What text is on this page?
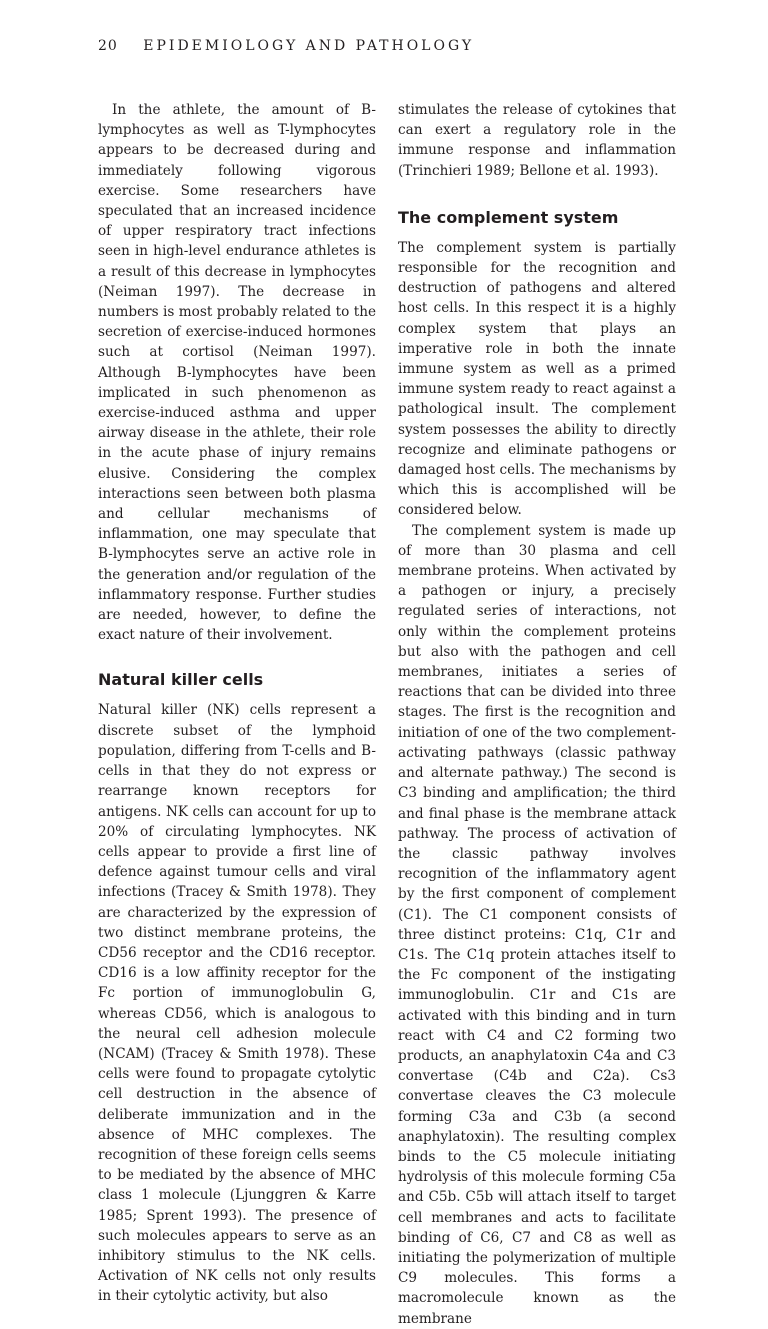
20 EPIDEMIOLOGY AND PATHOLOGY

In the athlete, the amount of B-lymphocytes as well as T-lymphocytes appears to be decreased during and immediately following vigorous exercise. Some researchers have speculated that an increased incidence of upper respiratory tract infections seen in high-level endurance athletes is a result of this decrease in lymphocytes (Neiman 1997). The decrease in numbers is most probably related to the secretion of exercise-induced hormones such at cortisol (Neiman 1997). Although B-lymphocytes have been implicated in such phenomenon as exercise-induced asthma and upper airway disease in the athlete, their role in the acute phase of injury remains elusive. Considering the complex interactions seen between both plasma and cellular mechanisms of inflammation, one may speculate that B-lymphocytes serve an active role in the generation and/or regulation of the inflammatory response. Further studies are needed, however, to define the exact nature of their involvement.

Natural killer cells

Natural killer (NK) cells represent a discrete subset of the lymphoid population, differing from T-cells and B-cells in that they do not express or rearrange known receptors for antigens. NK cells can account for up to 20% of circulating lymphocytes. NK cells appear to provide a first line of defence against tumour cells and viral infections (Tracey & Smith 1978). They are characterized by the expression of two distinct membrane proteins, the CD56 receptor and the CD16 receptor. CD16 is a low affinity receptor for the Fc portion of immunoglobulin G, whereas CD56, which is analogous to the neural cell adhesion molecule (NCAM) (Tracey & Smith 1978). These cells were found to propagate cytolytic cell destruction in the absence of deliberate immunization and in the absence of MHC complexes. The recognition of these foreign cells seems to be mediated by the absence of MHC class 1 molecule (Ljunggren & Karre 1985; Sprent 1993). The presence of such molecules appears to serve as an inhibitory stimulus to the NK cells. Activation of NK cells not only results in their cytolytic activity, but also

stimulates the release of cytokines that can exert a regulatory role in the immune response and inflammation (Trinchieri 1989; Bellone et al. 1993).

The complement system

The complement system is partially responsible for the recognition and destruction of pathogens and altered host cells. In this respect it is a highly complex system that plays an imperative role in both the innate immune system as well as a primed immune system ready to react against a pathological insult. The complement system possesses the ability to directly recognize and eliminate pathogens or damaged host cells. The mechanisms by which this is accomplished will be considered below.

The complement system is made up of more than 30 plasma and cell membrane proteins. When activated by a pathogen or injury, a precisely regulated series of interactions, not only within the complement proteins but also with the pathogen and cell membranes, initiates a series of reactions that can be divided into three stages. The first is the recognition and initiation of one of the two complement-activating pathways (classic pathway and alternate pathway.) The second is C3 binding and amplification; the third and final phase is the membrane attack pathway. The process of activation of the classic pathway involves recognition of the inflammatory agent by the first component of complement (C1). The C1 component consists of three distinct proteins: C1q, C1r and C1s. The C1q protein attaches itself to the Fc component of the instigating immunoglobulin. C1r and C1s are activated with this binding and in turn react with C4 and C2 forming two products, an anaphylatoxin C4a and C3 convertase (C4b and C2a). Cs3 convertase cleaves the C3 molecule forming C3a and C3b (a second anaphylatoxin). The resulting complex binds to the C5 molecule initiating hydrolysis of this molecule forming C5a and C5b. C5b will attach itself to target cell membranes and acts to facilitate binding of C6, C7 and C8 as well as initiating the polymerization of multiple C9 molecules. This forms a macromolecule known as the membrane
